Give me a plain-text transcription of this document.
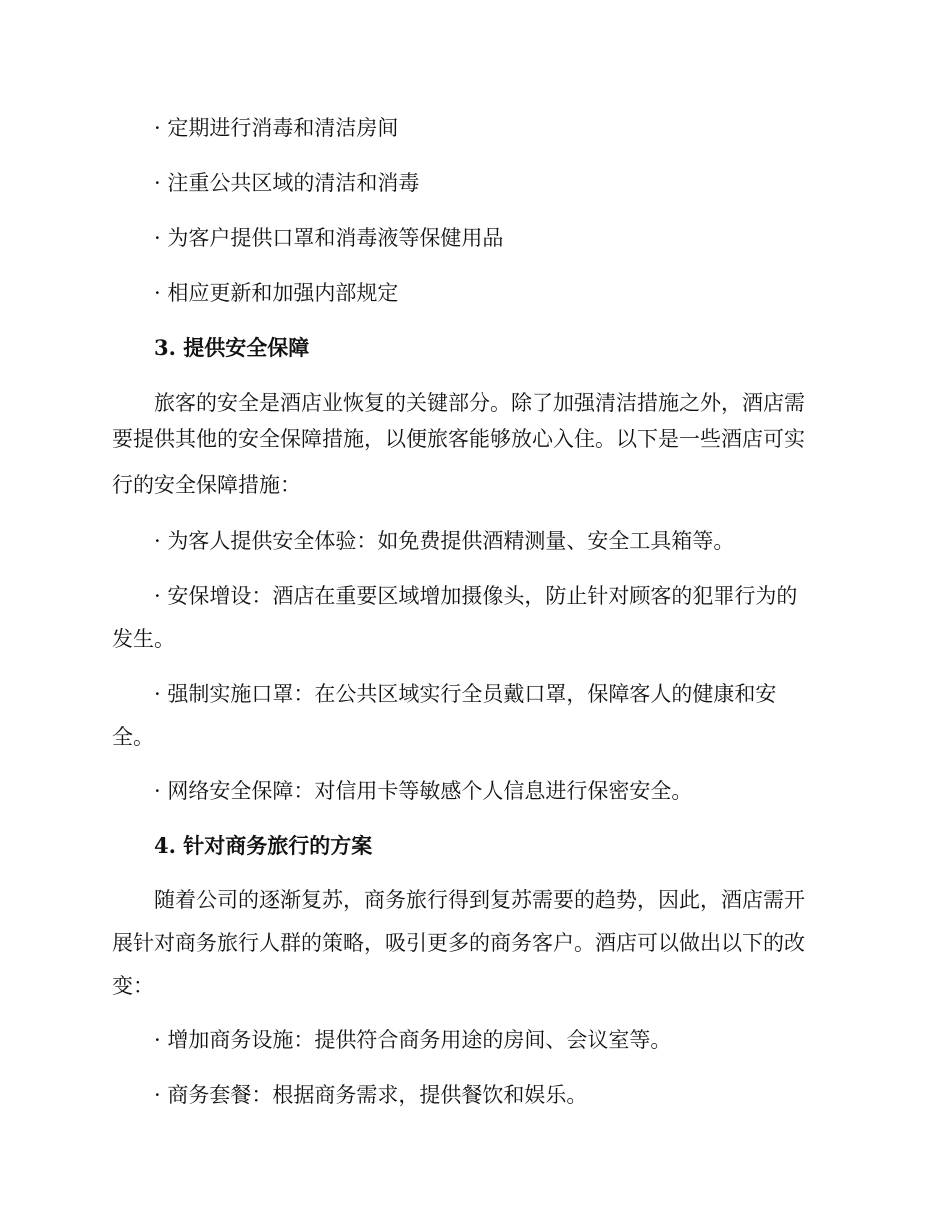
· 定期进行消毒和清洁房间
· 注重公共区域的清洁和消毒
· 为客户提供口罩和消毒液等保健用品
· 相应更新和加强内部规定
3. 提供安全保障
旅客的安全是酒店业恢复的关键部分。除了加强清洁措施之外，酒店需
要提供其他的安全保障措施，以便旅客能够放心入住。以下是一些酒店可实
行的安全保障措施：
· 为客人提供安全体验：如免费提供酒精测量、安全工具箱等。
· 安保增设：酒店在重要区域增加摄像头，防止针对顾客的犯罪行为的
发生。
· 强制实施口罩：在公共区域实行全员戴口罩，保障客人的健康和安
全。
· 网络安全保障：对信用卡等敏感个人信息进行保密安全。
4. 针对商务旅行的方案
随着公司的逐渐复苏，商务旅行得到复苏需要的趋势，因此，酒店需开
展针对商务旅行人群的策略，吸引更多的商务客户。酒店可以做出以下的改
变：
· 增加商务设施：提供符合商务用途的房间、会议室等。
· 商务套餐：根据商务需求，提供餐饮和娱乐。
